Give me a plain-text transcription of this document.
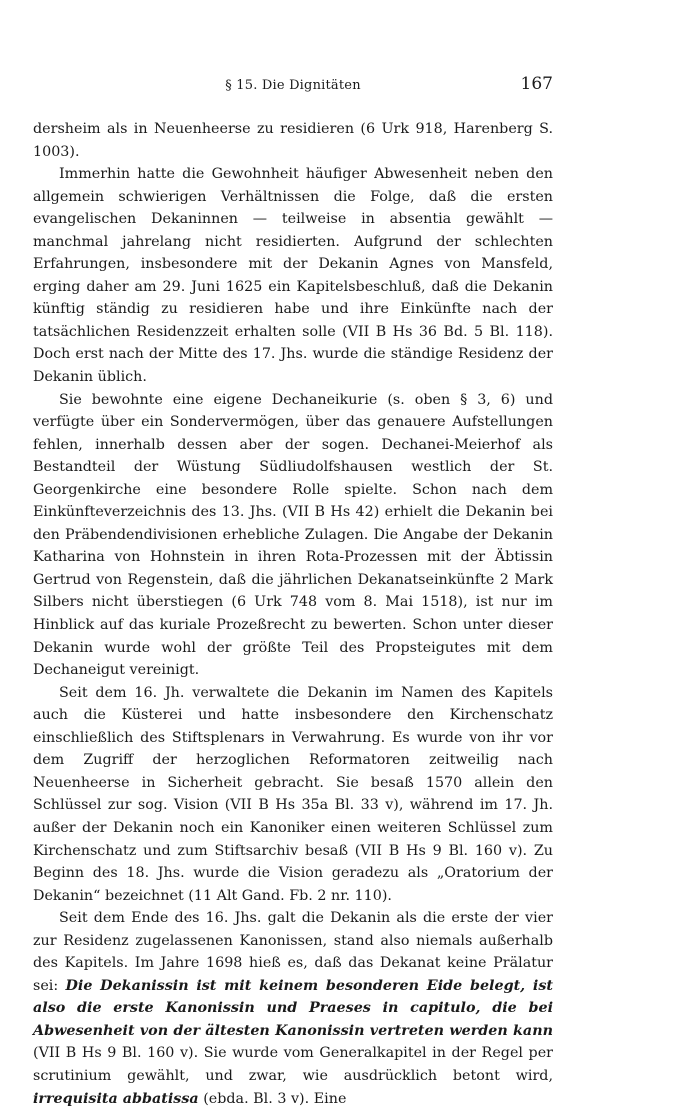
§ 15. Die Dignitäten	167

dersheim als in Neuenheerse zu residieren (6 Urk 918, Harenberg S. 1003).

Immerhin hatte die Gewohnheit häufiger Abwesenheit neben den allgemein schwierigen Verhältnissen die Folge, daß die ersten evangelischen Dekaninnen — teilweise in absentia gewählt — manchmal jahrelang nicht residierten. Aufgrund der schlechten Erfahrungen, insbesondere mit der Dekanin Agnes von Mansfeld, erging daher am 29. Juni 1625 ein Kapitelsbeschluß, daß die Dekanin künftig ständig zu residieren habe und ihre Einkünfte nach der tatsächlichen Residenzzeit erhalten solle (VII B Hs 36 Bd. 5 Bl. 118). Doch erst nach der Mitte des 17. Jhs. wurde die ständige Residenz der Dekanin üblich.

Sie bewohnte eine eigene Dechaneikurie (s. oben § 3, 6) und verfügte über ein Sondervermögen, über das genauere Aufstellungen fehlen, innerhalb dessen aber der sogen. Dechanei-Meierhof als Bestandteil der Wüstung Südliudolfshausen westlich der St. Georgenkirche eine besondere Rolle spielte. Schon nach dem Einkünfteverzeichnis des 13. Jhs. (VII B Hs 42) erhielt die Dekanin bei den Präbendendivisionen erhebliche Zulagen. Die Angabe der Dekanin Katharina von Hohnstein in ihren Rota-Prozessen mit der Äbtissin Gertrud von Regenstein, daß die jährlichen Dekanatseinkünfte 2 Mark Silbers nicht überstiegen (6 Urk 748 vom 8. Mai 1518), ist nur im Hinblick auf das kuriale Prozeßrecht zu bewerten. Schon unter dieser Dekanin wurde wohl der größte Teil des Propsteigutes mit dem Dechaneigut vereinigt.

Seit dem 16. Jh. verwaltete die Dekanin im Namen des Kapitels auch die Küsterei und hatte insbesondere den Kirchenschatz einschließlich des Stiftsplenars in Verwahrung. Es wurde von ihr vor dem Zugriff der herzoglichen Reformatoren zeitweilig nach Neuenheerse in Sicherheit gebracht. Sie besaß 1570 allein den Schlüssel zur sog. Vision (VII B Hs 35a Bl. 33 v), während im 17. Jh. außer der Dekanin noch ein Kanoniker einen weiteren Schlüssel zum Kirchenschatz und zum Stiftsarchiv besaß (VII B Hs 9 Bl. 160 v). Zu Beginn des 18. Jhs. wurde die Vision geradezu als „Oratorium der Dekanin“ bezeichnet (11 Alt Gand. Fb. 2 nr. 110).

Seit dem Ende des 16. Jhs. galt die Dekanin als die erste der vier zur Residenz zugelassenen Kanonissen, stand also niemals außerhalb des Kapitels. Im Jahre 1698 hieß es, daß das Dekanat keine Prälatur sei: Die Dekanissin ist mit keinem besonderen Eide belegt, ist also die erste Kanonissin und Praeses in capitulo, die bei Abwesenheit von der ältesten Kanonissin vertreten werden kann (VII B Hs 9 Bl. 160 v). Sie wurde vom Generalkapitel in der Regel per scrutinium gewählt, und zwar, wie ausdrücklich betont wird, irrequisita abbatissa (ebda. Bl. 3 v). Eine
